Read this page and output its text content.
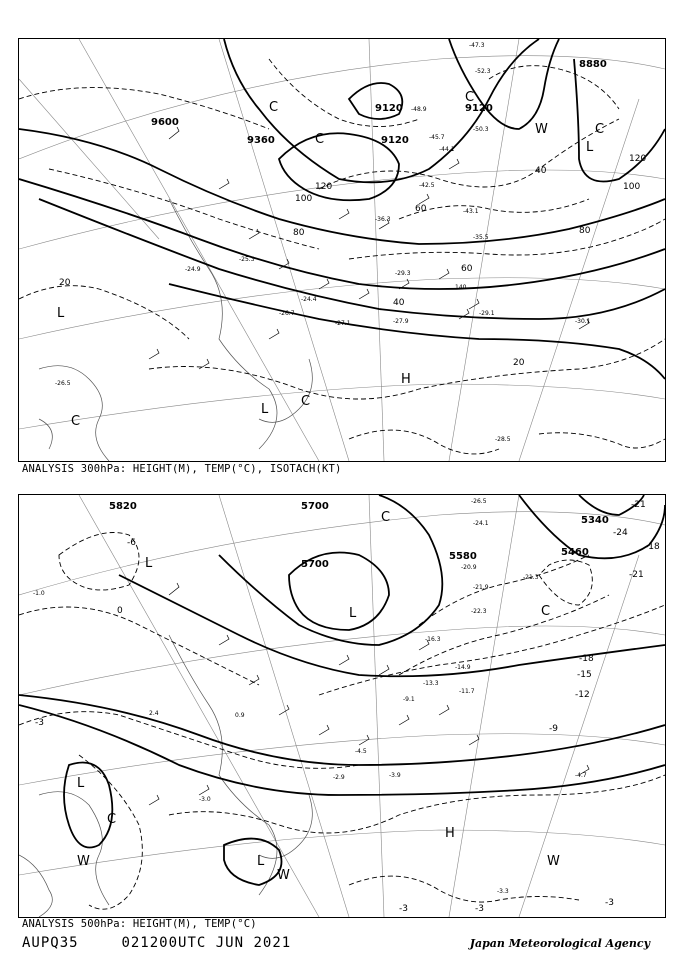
9600
9360
9120
9120
9120
8880
20
40
60
80
100
120
140
120
100
80
60
40
20
L
C
C
C
C
L
L
C
H
C
W
-28.5
-30.1
-29.1
-27.9
-27.1
-26.7
-25.3
-24.4
-24.9
-29.3
-35.5
-43.1
-45.7
-44.1
-42.5
-48.9
-50.3
-52.3
-47.3
-36.3
-26.5
ANALYSIS 300hPa: HEIGHT(M), TEMP(°C), ISOTACH(KT)
5820	5700
5700
5580	5460
5340
-3
-6
-9
-12
-15
-18
-21
-24
-21
-18
-3	-3
-3
0
L
L
L
C
C
W	W
W
H
C
L
-4.7
-3.3
-3.9
-4.5
-2.9
-3.0
-13.3
-16.3
-20.9
-22.3
-21.9
-11.7
-9.1
-14.9
-26.5
-24.1
-21.3
-1.0
0.9
2.4
ANALYSIS 500hPa: HEIGHT(M), TEMP(°C)
AUPQ35	021200UTC JUN 2021	Japan Meteorological Agency
